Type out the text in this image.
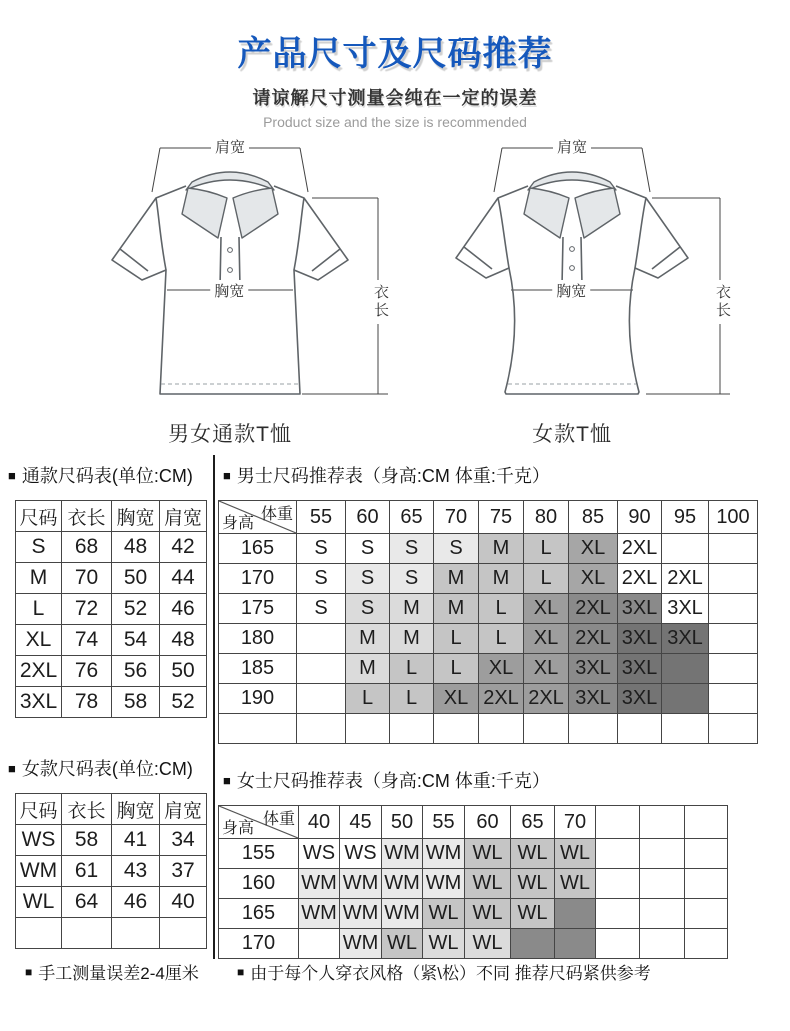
产品尺寸及尺码推荐
请谅解尺寸测量会纯在一定的误差
Product size and the size is recommended
肩宽
胸宽	衣长
男女通款T恤
肩宽
胸宽	衣长
女款T恤
■ 通款尺码表(单位:CM)
尺码	衣长	胸宽	肩宽
S	68	48	42
M	70	50	44
L	72	52	46
XL	74	54	48
2XL	76	56	50
3XL	78	58	52
■ 女款尺码表(单位:CM)
尺码	衣长	胸宽	肩宽
WS	58	41	34
WM	61	43	37
WL	64	46	40

■ 男士尺码推荐表（身高:CM 体重:千克）
体重
身高	55	60	65	70	75	80	85	90	95	100
165	S	S	S	S	M	L	XL	2XL		
170	S	S	S	M	M	L	XL	2XL	2XL	
175	S	S	M	M	L	XL	2XL	3XL	3XL	
180		M	M	L	L	XL	2XL	3XL	3XL	
185		M	L	L	XL	XL	3XL	3XL		
190		L	L	XL	2XL	2XL	3XL	3XL		

■ 女士尺码推荐表（身高:CM 体重:千克）
体重
身高	40	45	50	55	60	65	70			
155	WS	WS	WM	WM	WL	WL	WL			
160	WM	WM	WM	WM	WL	WL	WL			
165	WM	WM	WM	WL	WL	WL				
170		WM	WL	WL	WL					
■ 手工测量误差2-4厘米	■ 由于每个人穿衣风格（紧\松）不同 推荐尺码紧供参考
